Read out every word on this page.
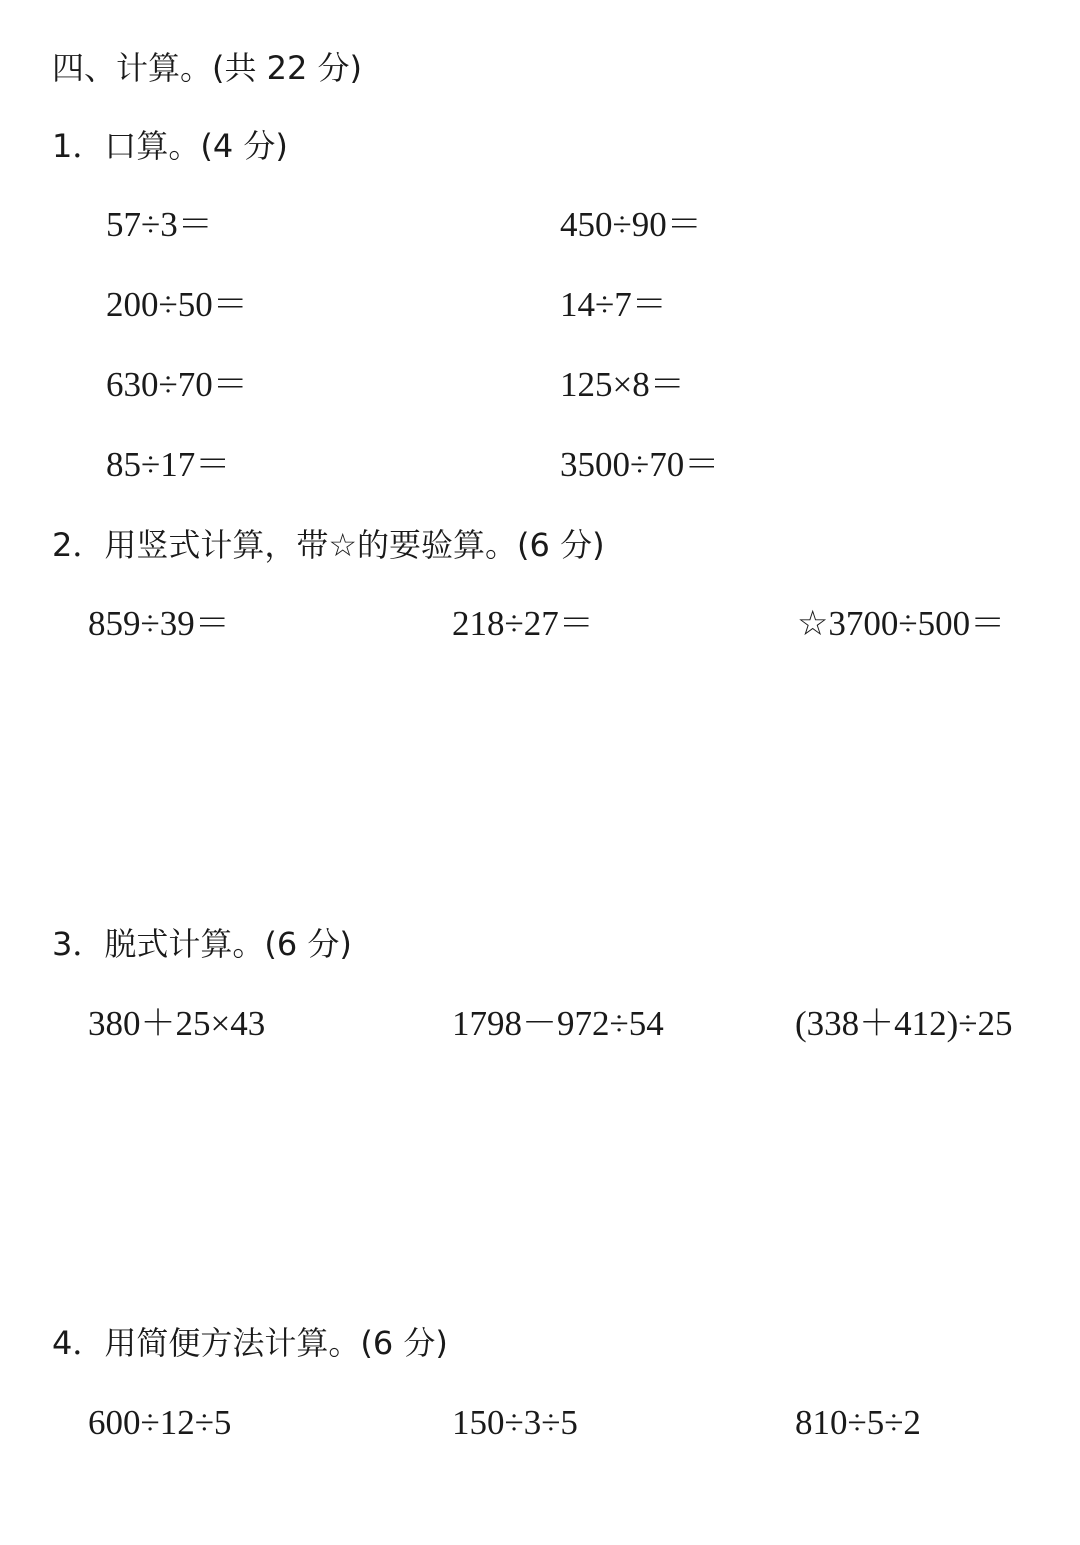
四、计算。(共 22 分)
1．口算。(4 分)
57÷3＝	450÷90＝
200÷50＝	14÷7＝
630÷70＝	125×8＝
85÷17＝	3500÷70＝
2．用竖式计算，带☆的要验算。(6 分)
859÷39＝	218÷27＝	☆3700÷500＝
3．脱式计算。(6 分)
380＋25×43	1798－972÷54	(338＋412)÷25
4．用简便方法计算。(6 分)
600÷12÷5	150÷3÷5	810÷5÷2
